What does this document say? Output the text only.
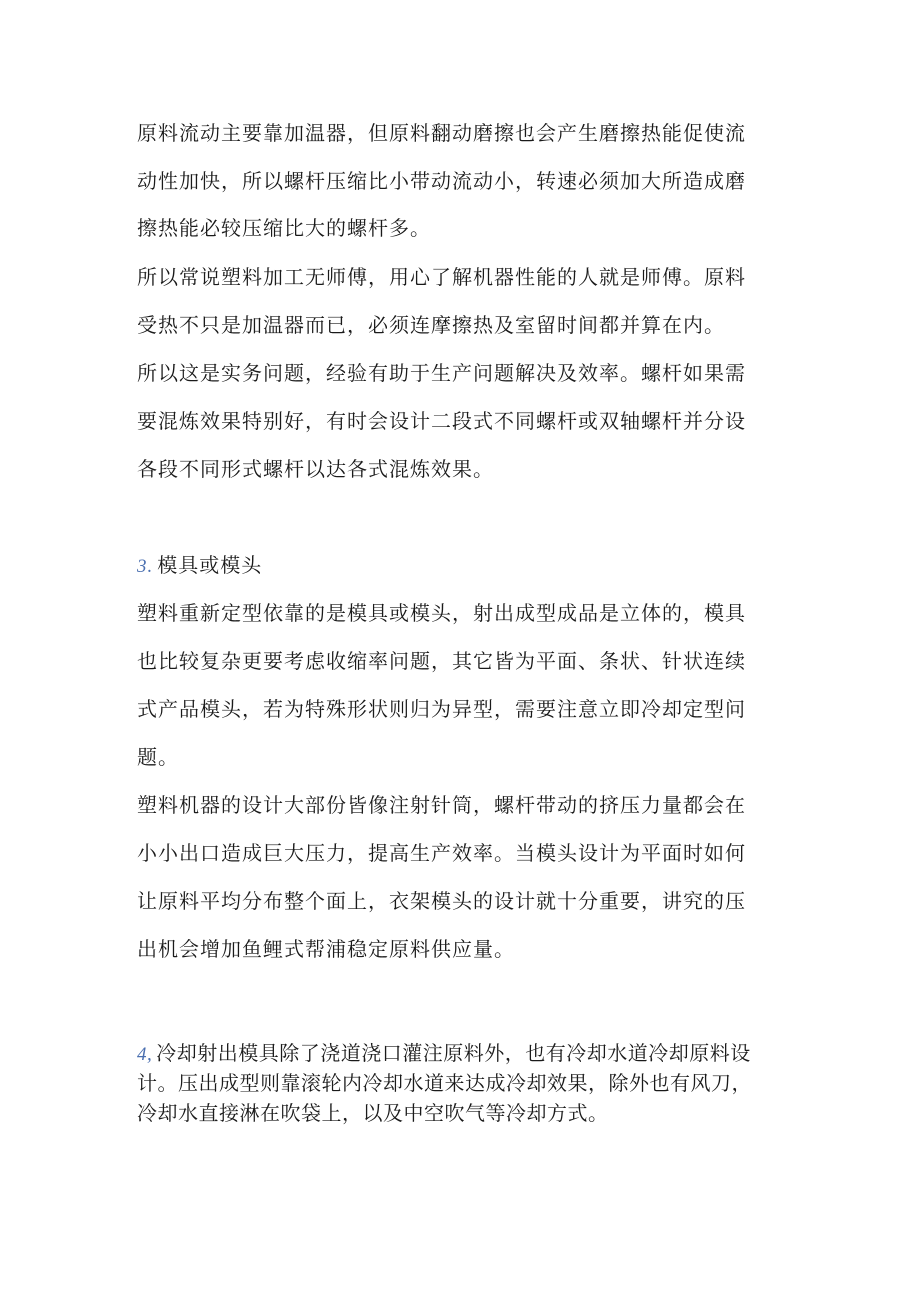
原料流动主要靠加温器，但原料翻动磨擦也会产生磨擦热能促使流
动性加快，所以螺杆压缩比小带动流动小，转速必须加大所造成磨
擦热能必较压缩比大的螺杆多。
所以常说塑料加工无师傅，用心了解机器性能的人就是师傅。原料
受热不只是加温器而已，必须连摩擦热及室留时间都并算在内。
所以这是实务问题，经验有助于生产问题解决及效率。螺杆如果需
要混炼效果特别好，有时会设计二段式不同螺杆或双轴螺杆并分设
各段不同形式螺杆以达各式混炼效果。
3. 模具或模头
塑料重新定型依靠的是模具或模头，射出成型成品是立体的，模具
也比较复杂更要考虑收缩率问题，其它皆为平面、条状、针状连续
式产品模头，若为特殊形状则归为异型，需要注意立即冷却定型问
题。
塑料机器的设计大部份皆像注射针筒，螺杆带动的挤压力量都会在
小小出口造成巨大压力，提高生产效率。当模头设计为平面时如何
让原料平均分布整个面上，衣架模头的设计就十分重要，讲究的压
出机会增加鱼鲤式帮浦稳定原料供应量。
4, 冷却射出模具除了浇道浇口灌注原料外，也有冷却水道冷却原料设
计。压出成型则靠滚轮内冷却水道来达成冷却效果，除外也有风刀，
冷却水直接淋在吹袋上，以及中空吹气等冷却方式。
